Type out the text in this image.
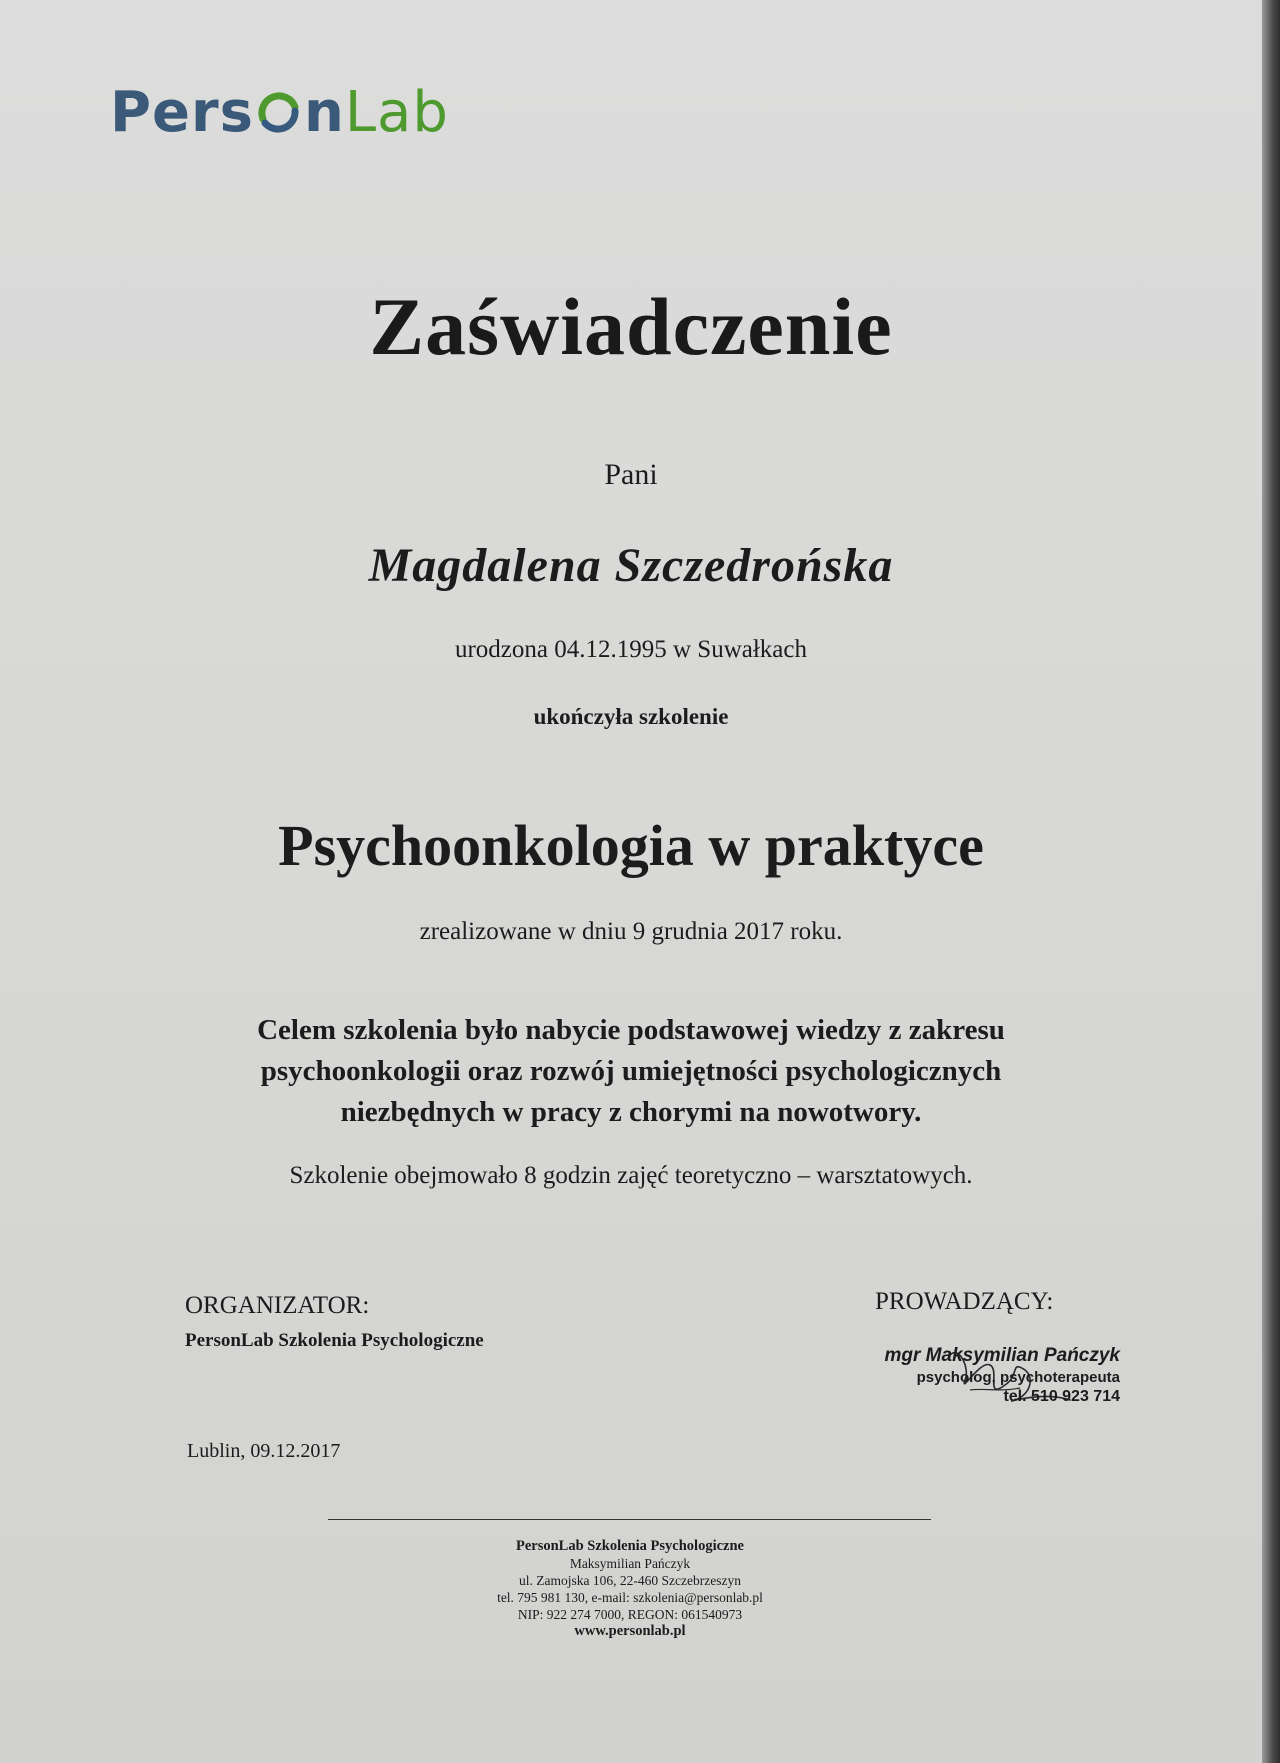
Pers nLab
Zaświadczenie
Pani
Magdalena Szczedrońska
urodzona 04.12.1995 w Suwałkach
ukończyła szkolenie
Psychoonkologia w praktyce
zrealizowane w dniu 9 grudnia 2017 roku.
Celem szkolenia było nabycie podstawowej wiedzy z zakresu
psychoonkologii oraz rozwój umiejętności psychologicznych
niezbędnych w pracy z chorymi na nowotwory.
Szkolenie obejmowało 8 godzin zajęć teoretyczno – warsztatowych.
ORGANIZATOR:
PersonLab Szkolenia Psychologiczne
PROWADZĄCY:
mgr Maksymilian Pańczyk
psycholog, psychoterapeuta
tel. 510 923 714
Lublin, 09.12.2017
PersonLab Szkolenia Psychologiczne
Maksymilian Pańczyk
ul. Zamojska 106, 22-460 Szczebrzeszyn
tel. 795 981 130, e-mail: szkolenia@personlab.pl
NIP: 922 274 7000, REGON: 061540973
www.personlab.pl
